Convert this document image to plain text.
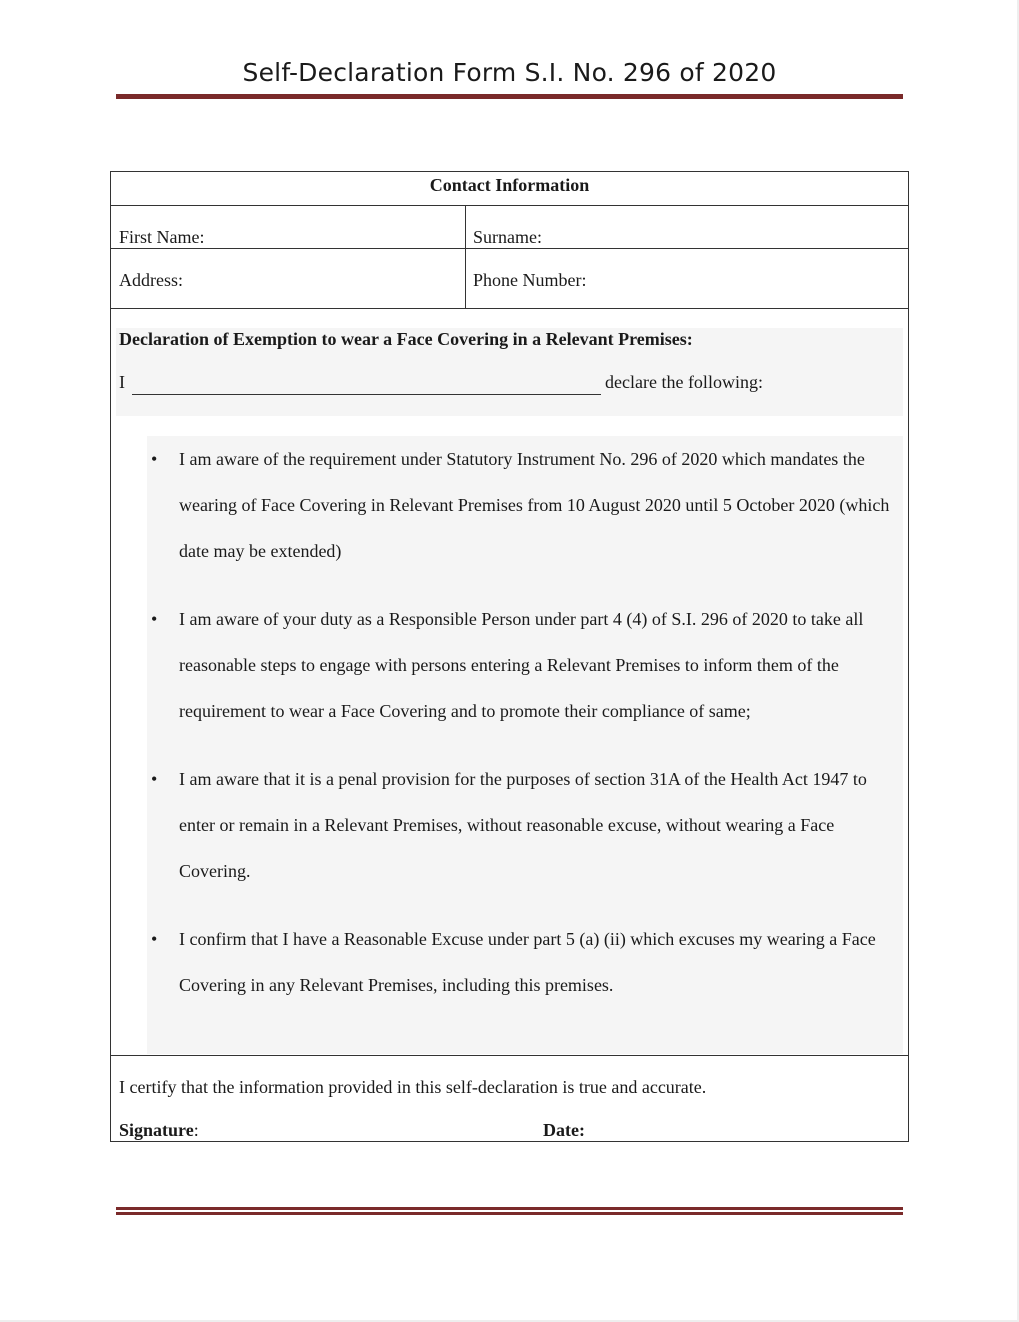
Self-Declaration Form S.I. No. 296 of 2020
Contact Information
First Name:	Surname:
Address:	Phone Number:
Declaration of Exemption to wear a Face Covering in a Relevant Premises:
I	declare the following:
• I am aware of the requirement under Statutory Instrument No. 296 of 2020 which mandates the wearing of Face Covering in Relevant Premises from 10 August 2020 until 5 October 2020 (which date may be extended)
• I am aware of your duty as a Responsible Person under part 4 (4) of S.I. 296 of 2020 to take all reasonable steps to engage with persons entering a Relevant Premises to inform them of the requirement to wear a Face Covering and to promote their compliance of same;
• I am aware that it is a penal provision for the purposes of section 31A of the Health Act 1947 to enter or remain in a Relevant Premises, without reasonable excuse, without wearing a Face Covering.
• I confirm that I have a Reasonable Excuse under part 5 (a) (ii) which excuses my wearing a Face Covering in any Relevant Premises, including this premises.
I certify that the information provided in this self-declaration is true and accurate.
Signature:	Date:
